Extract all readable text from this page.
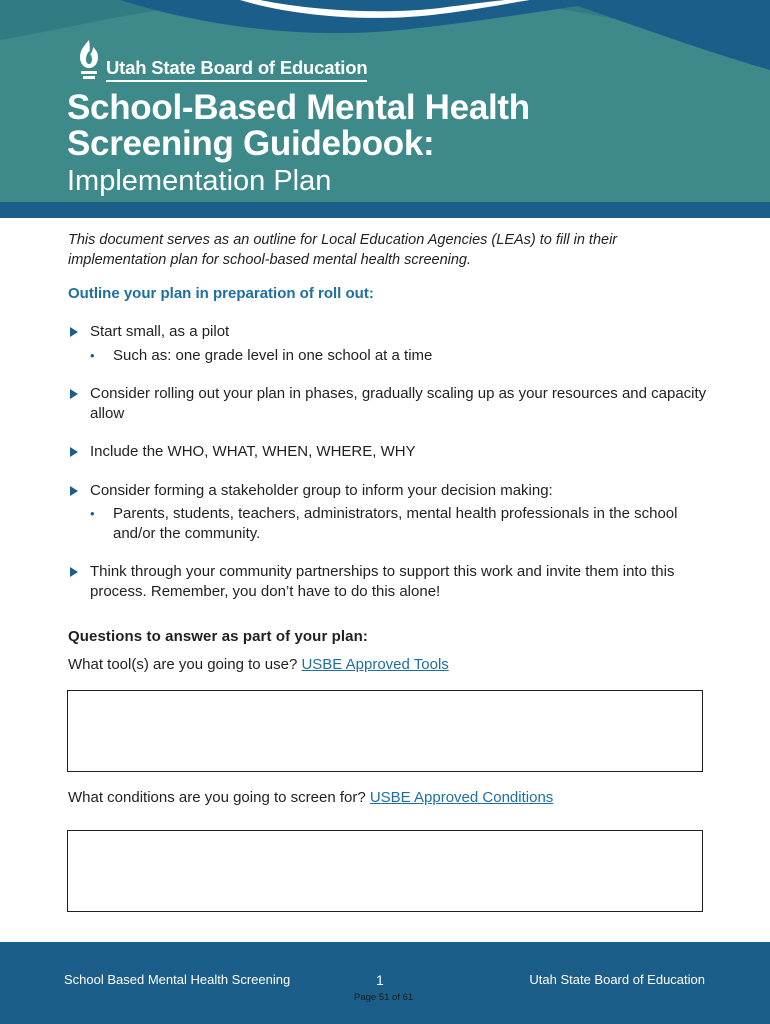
Utah State Board of Education
School-Based Mental Health
Screening Guidebook:
Implementation Plan

This document serves as an outline for Local Education Agencies (LEAs) to fill in their implementation plan for school-based mental health screening.

Outline your plan in preparation of roll out:
Start small, as a pilot
• Such as: one grade level in one school at a time
Consider rolling out your plan in phases, gradually scaling up as your resources and capacity allow
Include the WHO, WHAT, WHEN, WHERE, WHY
Consider forming a stakeholder group to inform your decision making:
• Parents, students, teachers, administrators, mental health professionals in the school and/or the community.
Think through your community partnerships to support this work and invite them into this process. Remember, you don’t have to do this alone!
Questions to answer as part of your plan:
What tool(s) are you going to use? USBE Approved Tools
What conditions are you going to screen for? USBE Approved Conditions
School Based Mental Health Screening	1	Utah State Board of Education
Page 51 of 61
